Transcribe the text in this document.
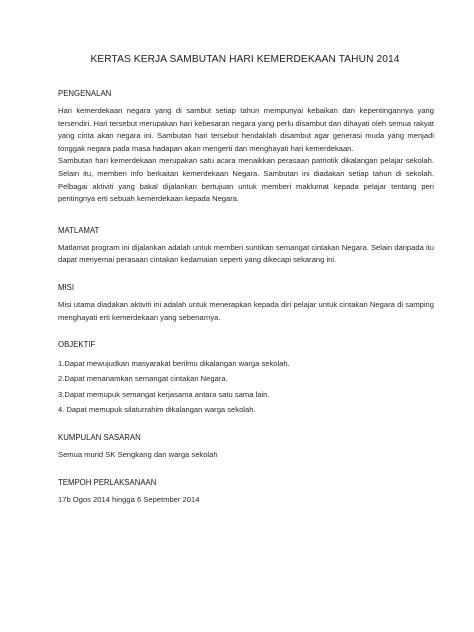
KERTAS KERJA SAMBUTAN HARI KEMERDEKAAN TAHUN 2014
PENGENALAN

Hari kemerdekaan negara yang di sambut setiap tahun mempunyai kebaikan dan kepentingannya yang tersendiri. Hari tersebut merupakan hari kebesaran negara yang perlu disambut dan dihayati oleh semua rakyat yang cinta akan negara ini. Sambutan hari tersebut hendaklah disambut agar generasi muda yang menjadi tonggak negara pada masa hadapan akan mengerti dan menghayati hari kemerdekaan.

Sambutan hari kemerdekaan merupakan satu acara menaikkan perasaan patriotik dikalangan pelajar sekolah. Selain itu, memberi info berkaitan kemerdekaan Negara. Sambutan ini diadakan setiap tahun di sekolah. Pelbagai aktiviti yang bakal dijalankan bertujuan untuk memberi maklumat kepada pelajar tentang peri pentingnya erti sebuah kemerdekaan kepada Negara.

MATLAMAT

Matlamat program ini dijalankan adalah untuk memberi suntikan semangat cintakan Negara. Selain daripada itu dapat menyemai perasaan cintakan kedamaian seperti yang dikecapi sekarang ini.

MISI

Misi utama diadakan aktiviti ini adalah untuk menerapkan kepada diri pelajar untuk cintakan Negara di samping menghayati erti kemerdekaan yang sebenarnya.

OBJEKTIF

1.Dapat mewujudkan masyarakat berilmu dikalangan warga sekolah.

2.Dapat menanamkan semangat cintakan Negara.

3.Dapat memupuk semangat kerjasama antara satu sama lain.

4. Dapat memupuk silaturrahim dikalangan warga sekolah.

KUMPULAN SASARAN

Semua murid SK Sengkang dan warga sekolah

TEMPOH PERLAKSANAAN

17b Ogos 2014 hingga 6 Sepetmber 2014
